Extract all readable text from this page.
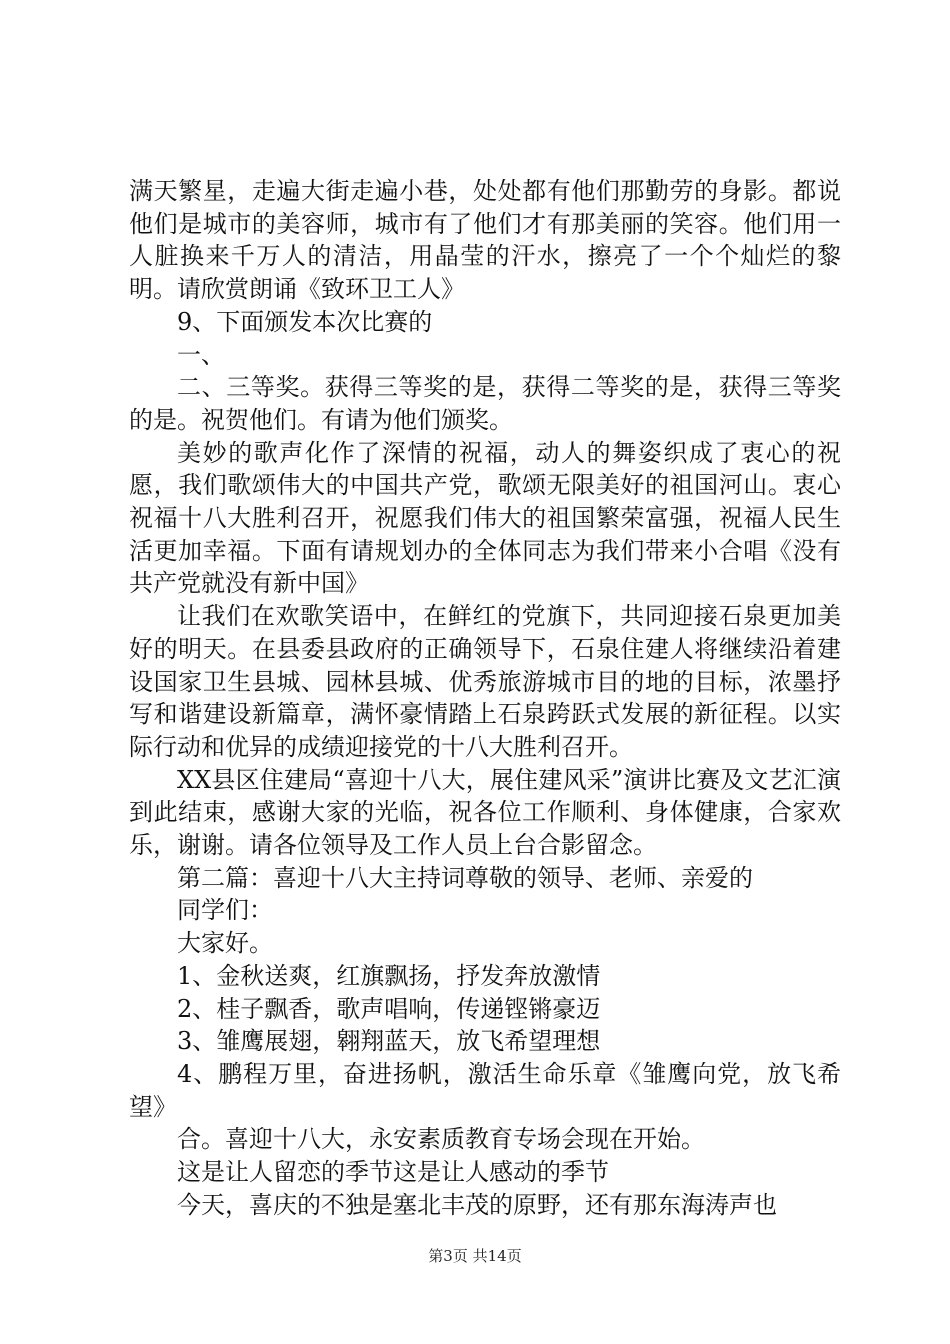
满天繁星，走遍大街走遍小巷，处处都有他们那勤劳的身影。都说他们是城市的美容师，城市有了他们才有那美丽的笑容。他们用一人脏换来千万人的清洁，用晶莹的汗水，擦亮了一个个灿烂的黎明。请欣赏朗诵《致环卫工人》

9、下面颁发本次比赛的

一、

二、三等奖。获得三等奖的是，获得二等奖的是，获得三等奖的是。祝贺他们。有请为他们颁奖。

美妙的歌声化作了深情的祝福，动人的舞姿织成了衷心的祝愿，我们歌颂伟大的中国共产党，歌颂无限美好的祖国河山。衷心祝福十八大胜利召开，祝愿我们伟大的祖国繁荣富强，祝福人民生活更加幸福。下面有请规划办的全体同志为我们带来小合唱《没有共产党就没有新中国》

让我们在欢歌笑语中，在鲜红的党旗下，共同迎接石泉更加美好的明天。在县委县政府的正确领导下，石泉住建人将继续沿着建设国家卫生县城、园林县城、优秀旅游城市目的地的目标，浓墨抒写和谐建设新篇章，满怀豪情踏上石泉跨跃式发展的新征程。以实际行动和优异的成绩迎接党的十八大胜利召开。

XX县区住建局“喜迎十八大，展住建风采”演讲比赛及文艺汇演到此结束，感谢大家的光临，祝各位工作顺利、身体健康，合家欢乐，谢谢。请各位领导及工作人员上台合影留念。

第二篇：喜迎十八大主持词尊敬的领导、老师、亲爱的

同学们：

大家好。

1、金秋送爽，红旗飘扬，抒发奔放激情

2、桂子飘香，歌声唱响，传递铿锵豪迈

3、雏鹰展翅，翱翔蓝天，放飞希望理想

4、鹏程万里，奋进扬帆，激活生命乐章《雏鹰向党，放飞希望》

合。喜迎十八大，永安素质教育专场会现在开始。

这是让人留恋的季节这是让人感动的季节

今天，喜庆的不独是塞北丰茂的原野，还有那东海涛声也

第3页 共14页
